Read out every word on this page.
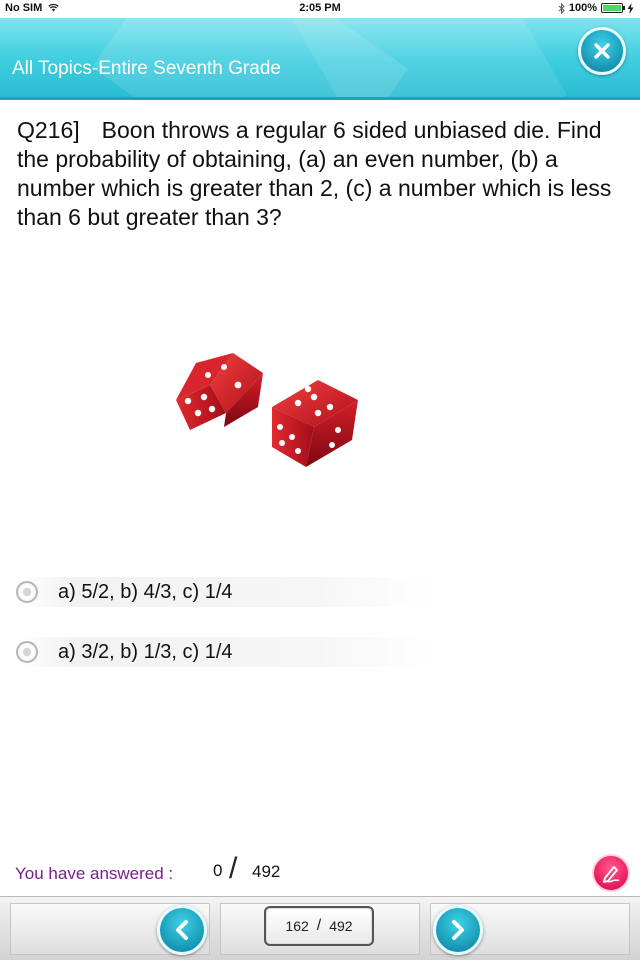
No SIM	2:05 PM	100%
All Topics-Entire Seventh Grade
Q216] Boon throws a regular 6 sided unbiased die. Find the probability of obtaining, (a) an even number, (b) a number which is greater than 2, (c) a number which is less than 6 but greater than 3?
a) 5/2, b) 4/3, c) 1/4
a) 3/2, b) 1/3, c) 1/4
You have answered : 0 / 492
162 / 492
